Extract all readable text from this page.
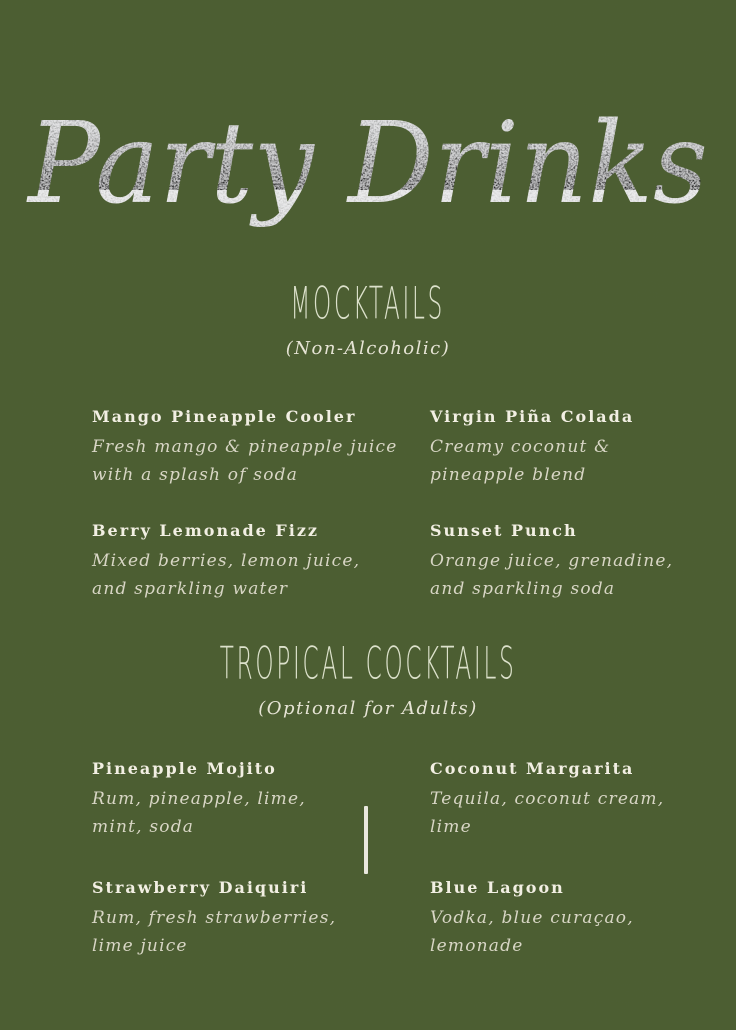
MOCKTAILS
(Non-Alcoholic)
Mango Pineapple Cooler
Fresh mango & pineapple juice
with a splash of soda
Virgin Piña Colada
Creamy coconut &
pineapple blend
Berry Lemonade Fizz
Mixed berries, lemon juice,
and sparkling water
Sunset Punch
Orange juice, grenadine,
and sparkling soda
TROPICAL COCKTAILS
(Optional for Adults)
Pineapple Mojito
Rum, pineapple, lime,
mint, soda
Coconut Margarita
Tequila, coconut cream,
lime
Strawberry Daiquiri
Rum, fresh strawberries,
lime juice
Blue Lagoon
Vodka, blue curaçao,
lemonade
